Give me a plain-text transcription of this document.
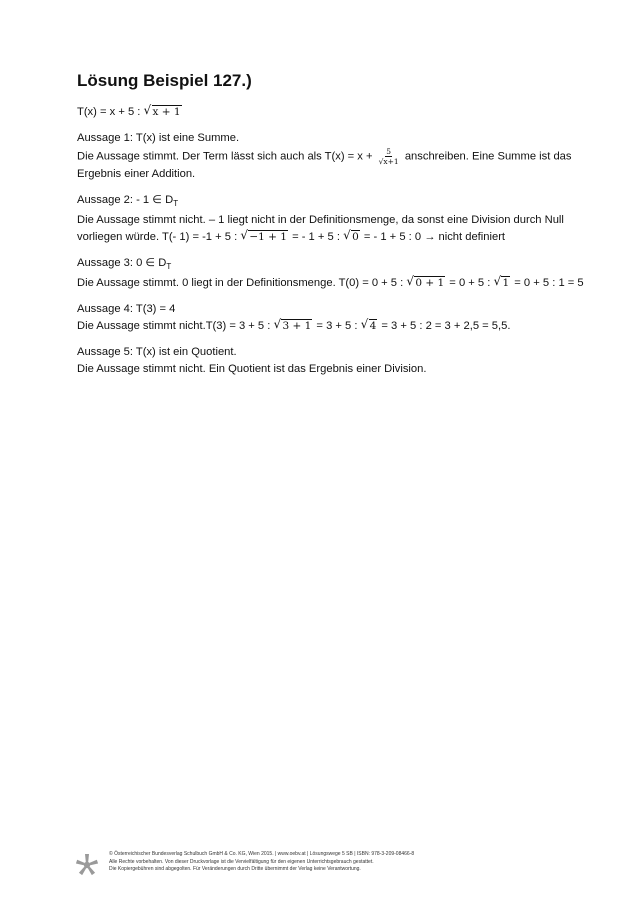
Lösung Beispiel 127.)
T(x) = x + 5 : √ x + 1
Aussage 1: T(x) ist eine Summe.
Die Aussage stimmt. Der Term lässt sich auch als $T(x) = x + \frac{5}{√x+1}$ anschreiben. Eine Summe ist das
Ergebnis einer Addition.
Aussage 2: - 1 ∈ $D_T$
Die Aussage stimmt nicht. – 1 liegt nicht in der Definitionsmenge, da sonst eine Division durch Null
vorliegen würde. T(- 1) = -1 + 5 : √ −1 + 1 = - 1 + 5 : √ 0 = - 1 + 5 : 0 → nicht definiert
Aussage 3: 0 ∈ $D_T$
Die Aussage stimmt. 0 liegt in der Definitionsmenge. T(0) = 0 + 5 : √ 0 + 1 = 0 + 5 : √ 1 = 0 + 5 : 1 = 5
Aussage 4: T(3) = 4
Die Aussage stimmt nicht.T(3) = 3 + 5 : √ 3 + 1 = 3 + 5 : √ 4 = 3 + 5 : 2 = 3 + 2,5 = 5,5.
Aussage 5: T(x) ist ein Quotient.
Die Aussage stimmt nicht. Ein Quotient ist das Ergebnis einer Division.
© Österreichischer Bundesverlag Schulbuch GmbH & Co. KG, Wien 2015. | www.oebv.at | Lösungswege 5 SB | ISBN: 978-3-209-08466-8
Alle Rechte vorbehalten. Von dieser Druckvorlage ist die Vervielfältigung für den eigenen Unterrichtsgebrauch gestattet.
Die Kopiergebühren sind abgegolten. Für Veränderungen durch Dritte übernimmt der Verlag keine Verantwortung.
